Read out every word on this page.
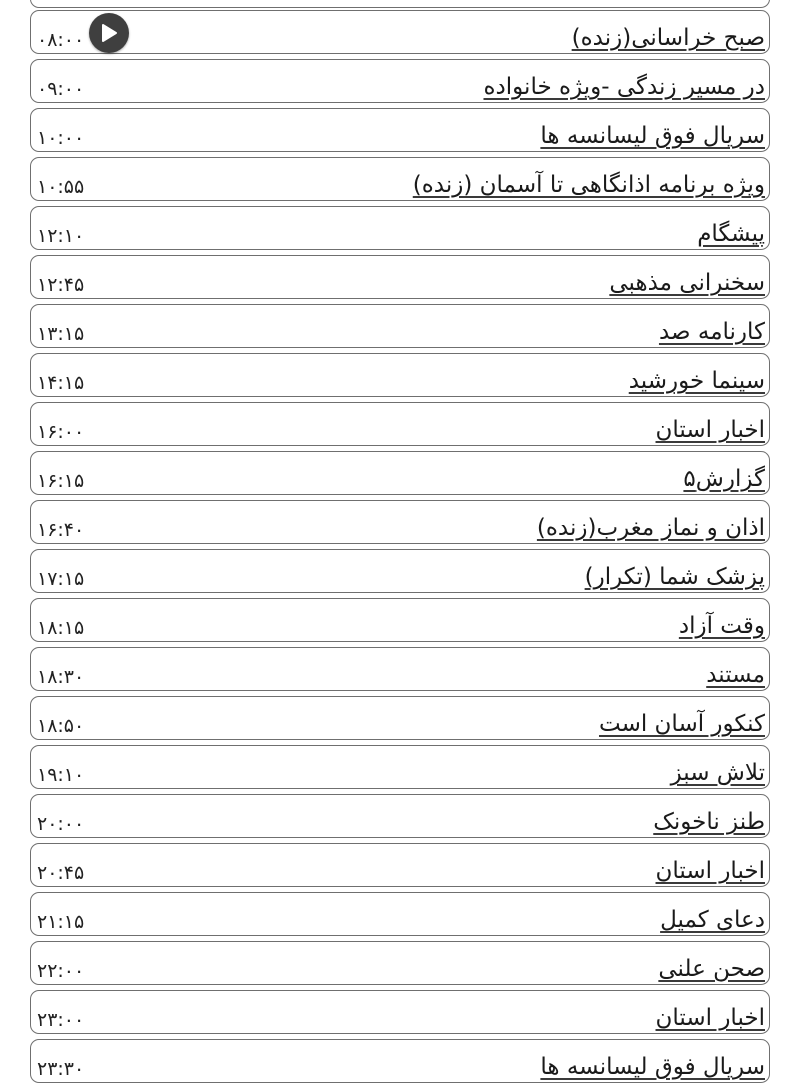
۰۸:۰۰	صبح خراسانی(زنده)
۰۹:۰۰	در مسیر زندگی -ویژه خانواده
۱۰:۰۰	سریال فوق لیسانسه ها
۱۰:۵۵	ویژه برنامه اذانگاهی تا آسمان (زنده)
۱۲:۱۰	پیشگام
۱۲:۴۵	سخنرانی مذهبی
۱۳:۱۵	کارنامه صد
۱۴:۱۵	سینما خورشید
۱۶:۰۰	اخبار استان
۱۶:۱۵	گزارش۵
۱۶:۴۰	اذان و نماز مغرب(زنده)
۱۷:۱۵	پزشک شما (تکرار)
۱۸:۱۵	وقت آزاد
۱۸:۳۰	مستند
۱۸:۵۰	کنکور آسان است
۱۹:۱۰	تلاش سبز
۲۰:۰۰	طنز ناخونک
۲۰:۴۵	اخبار استان
۲۱:۱۵	دعای کمیل
۲۲:۰۰	صحن علنی
۲۳:۰۰	اخبار استان
۲۳:۳۰	سریال فوق لیسانسه ها
